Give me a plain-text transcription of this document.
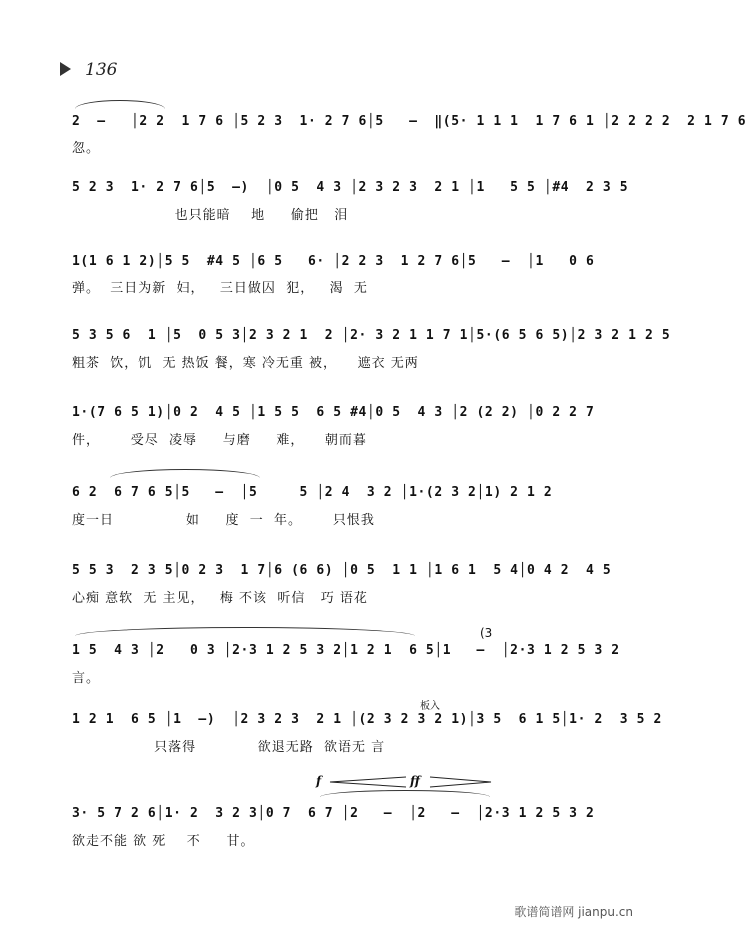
136
2  –   │2 2  1 7 6 │5 2 3  1· 2 7 6│5   –  ‖(5· 1 1 1  1 7 6 1 │2 2 2 2  2 1 7 6
忽。
5 2 3  1· 2 7 6│5  –)  │0 5  4 3 │2 3 2 3  2 1 │1   5 5 │#4  2 3 5
也只能暗    地     偷把   泪
1(1 6 1 2)│5 5  #4 5 │6 5   6· │2 2 3  1 2 7 6│5   –  │1   0 6
弹。  三日为新  妇，   三日做囚  犯，   渴  无
5 3 5 6  1 │5  0 5 3│2 3 2 1  2 │2· 3 2 1 1 7 1│5·(6 5 6 5)│2 3 2 1 2 5
粗茶  饮，饥  无 热饭 餐，寒 冷无重 被，    遮衣 无两
1·(7 6 5 1)│0 2  4 5 │1 5 5  6 5 #4│0 5  4 3 │2 (2 2) │0 2 2 7
件，      受尽  凌辱     与磨     难，    朝而暮
6 2  6 7 6 5│5   –  │5     5 │2 4  3 2 │1·(2 3 2│1) 2 1 2
度一日              如     度  一  年。      只恨我
5 5 3  2 3 5│0 2 3  1 7│6 (6 6) │0 5  1 1 │1 6 1  5 4│0 4 2  4 5
心痴 意软  无 主见，   梅 不该  听信   巧 语花
(3
1 5  4 3 │2   0 3 │2·3 1 2 5 3 2│1 2 1  6 5│1   –  │2·3 1 2 5 3 2
言。
板入
1 2 1  6 5 │1  –)  │2 3 2 3  2 1 │(2 3 2 3 2 1)│3 5  6 1 5│1· 2  3 5 2
只落得            欲退无路  欲语无 言
f	ff
3· 5 7 2 6│1· 2  3 2 3│0 7  6 7 │2   –  │2   –  │2·3 1 2 5 3 2
欲走不能 欲 死    不     甘。
歌谱简谱网 jianpu.cn
